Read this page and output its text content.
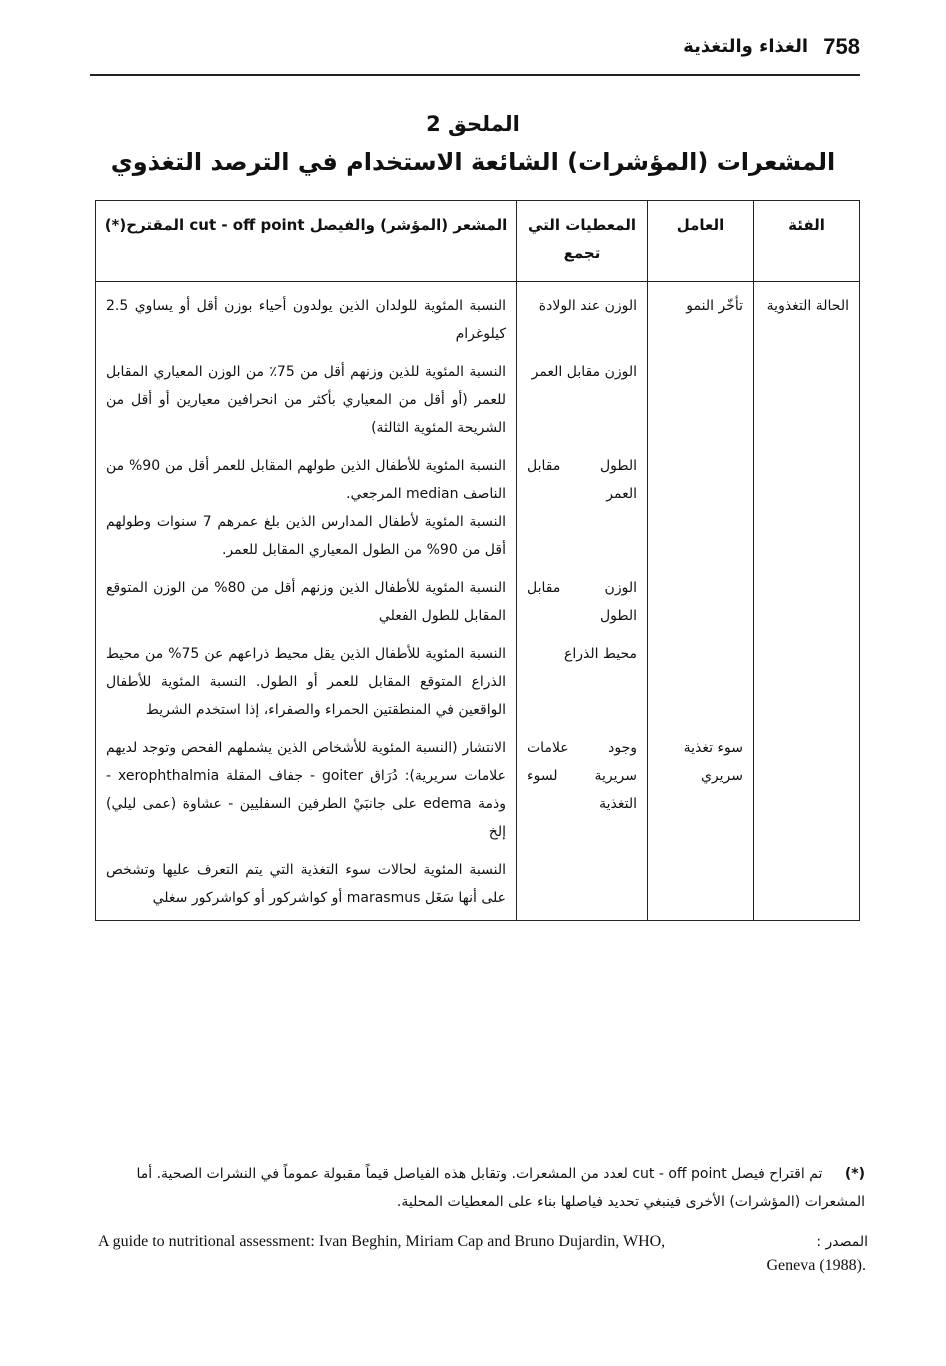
758
الغذاء والتغذية
الملحق 2
المشعرات (المؤشرات) الشائعة الاستخدام في الترصد التغذوي
الفئة	العامل	المعطيات التي تجمع	المشعر (المؤشر) والفيصل cut - off point المقترح(*)
الحالة التغذوية	تأخّر النمو	الوزن عند الولادة	النسبة المئوية للولدان الذين يولدون أحياء بوزن أقل أو يساوي 2.5 كيلوغرام
		الوزن مقابل العمر	النسبة المئوية للذين وزنهم أقل من 75٪ من الوزن المعياري المقابل للعمر (أو أقل من المعياري بأكثر من انحرافين معيارين أو أقل من الشريحة المئوية الثالثة)
		الطول مقابل العمر	النسبة المئوية للأطفال الذين طولهم المقابل للعمر أقل من 90% من الناصف median المرجعي.
			النسبة المئوية لأطفال المدارس الذين بلغ عمرهم 7 سنوات وطولهم أقل من 90% من الطول المعياري المقابل للعمر.
		الوزن مقابل الطول	النسبة المئوية للأطفال الذين وزنهم أقل من 80% من الوزن المتوقع المقابل للطول الفعلي
		محيط الذراع	النسبة المئوية للأطفال الذين يقل محيط ذراعهم عن 75% من محيط الذراع المتوقع المقابل للعمر أو الطول. النسبة المئوية للأطفال الواقعين في المنطقتين الحمراء والصفراء، إذا استخدم الشريط
	سوء تغذية سريري	وجود علامات سريرية لسوء التغذية	الانتشار (النسبة المئوية للأشخاص الذين يشملهم الفحص وتوجد لديهم علامات سريرية): دُرَاق goiter - جفاف المقلة xerophthalmia - وذمة edema على جانبَيْ الطرفين السفليين - عشاوة (عمى ليلي) إلخ
			النسبة المئوية لحالات سوء التغذية التي يتم التعرف عليها وتشخص على أنها سَغَل marasmus أو كواشركور أو كواشركور سغلي
(*) تم اقتراح فيصل cut - off point لعدد من المشعرات. وتقابل هذه الفياصل قيماً مقبولة عموماً في النشرات الصحية. أما المشعرات (المؤشرات) الأخرى فينبغي تحديد فياصلها بناء على المعطيات المحلية.
المصدر :
A guide to nutritional assessment: Ivan Beghin, Miriam Cap and Bruno Dujardin, WHO,
Geneva (1988).
